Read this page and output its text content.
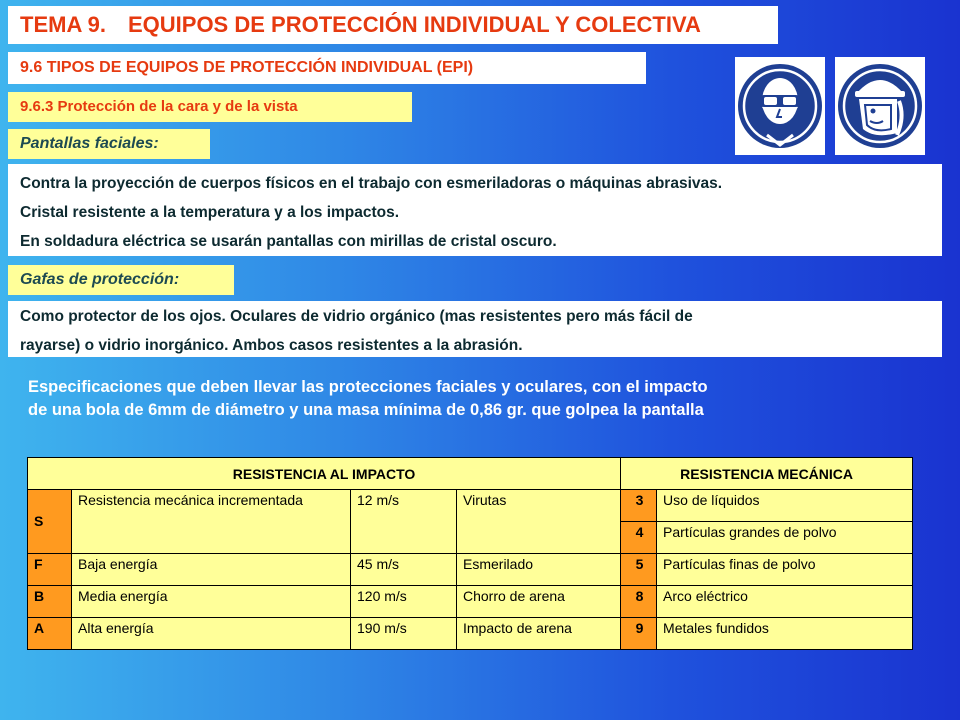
TEMA 9. EQUIPOS DE PROTECCIÓN INDIVIDUAL Y COLECTIVA
9.6 TIPOS DE EQUIPOS DE PROTECCIÓN INDIVIDUAL (EPI)
9.6.3 Protección de la cara y de la vista
Pantallas faciales:
Contra la proyección de cuerpos físicos en el trabajo con esmeriladoras o máquinas abrasivas.
Cristal resistente a la temperatura y a los impactos.
En soldadura eléctrica se usarán pantallas con mirillas de cristal oscuro.
Gafas de protección:
Como protector de los ojos. Oculares de vidrio orgánico (mas resistentes pero más fácil de
rayarse) o vidrio inorgánico. Ambos casos resistentes a la abrasión.
Especificaciones que deben llevar las protecciones faciales y oculares, con el impacto
de una bola de 6mm de diámetro y una masa mínima de 0,86 gr. que golpea la pantalla
RESISTENCIA AL IMPACTO				RESISTENCIA MECÁNICA	
S	Resistencia mecánica incrementada	12 m/s	Virutas	3	Uso de líquidos
				4	Partículas grandes de polvo
F	Baja energía	45 m/s	Esmerilado	5	Partículas finas de polvo
B	Media energía	120 m/s	Chorro de arena	8	Arco eléctrico
A	Alta energía	190 m/s	Impacto de arena	9	Metales fundidos
